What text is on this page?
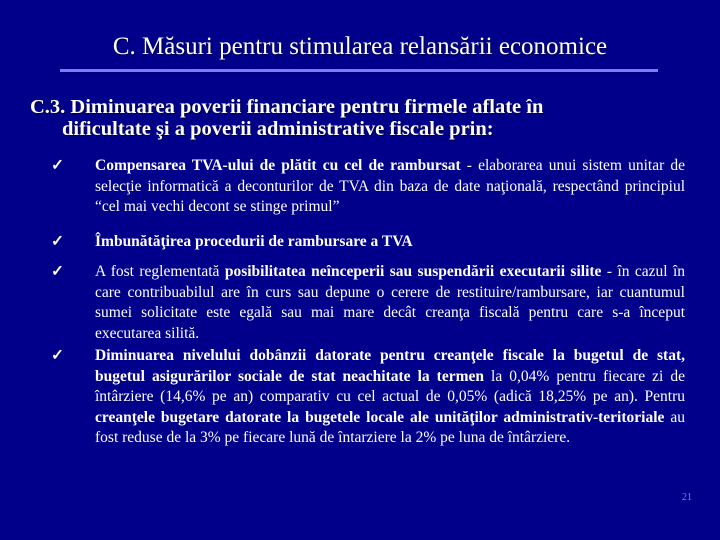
C. Măsuri pentru stimularea relansării economice
C.3. Diminuarea poverii financiare pentru firmele aflate în
dificultate şi a poverii administrative fiscale prin:
✓	Compensarea TVA-ului de plătit cu cel de rambursat - elaborarea unui sistem unitar de selecţie informatică a deconturilor de TVA din baza de date naţională, respectând principiul “cel mai vechi decont se stinge primul”
✓	Îmbunătăţirea procedurii de rambursare a TVA
✓	A fost reglementată posibilitatea neînceperii sau suspendării executarii silite - în cazul în care contribuabilul are în curs sau depune o cerere de restituire/rambursare, iar cuantumul sumei solicitate este egală sau mai mare decât creanţa fiscală pentru care s-a început executarea silită.
✓	Diminuarea nivelului dobânzii datorate pentru creanţele fiscale la bugetul de stat, bugetul asigurărilor sociale de stat neachitate la termen la 0,04% pentru fiecare zi de întârziere (14,6% pe an) comparativ cu cel actual de 0,05% (adică 18,25% pe an). Pentru creanţele bugetare datorate la bugetele locale ale unităţilor administrativ-teritoriale au fost reduse de la 3% pe fiecare lună de întarziere la 2% pe luna de întârziere.
21
